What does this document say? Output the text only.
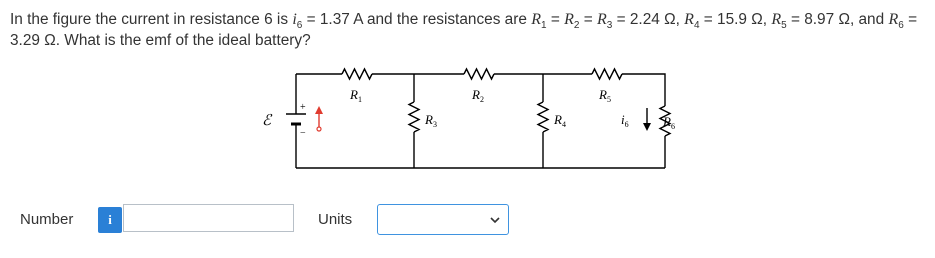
In the figure the current in resistance 6 is $i_6 = 1.37$ A and the resistances are $R_1 = R_2 = R_3 = 2.24$ Ω, $R_4 = 15.9$ Ω, $R_5 = 8.97$ Ω, and $R_6 = 3.29$ Ω. What is the emf of the ideal battery?
+
−
ℰ
$R_1$	$R_2$	$R_5$
$R_3$	$R_4$	$R_6$
$i_6$
Number	i	Units
